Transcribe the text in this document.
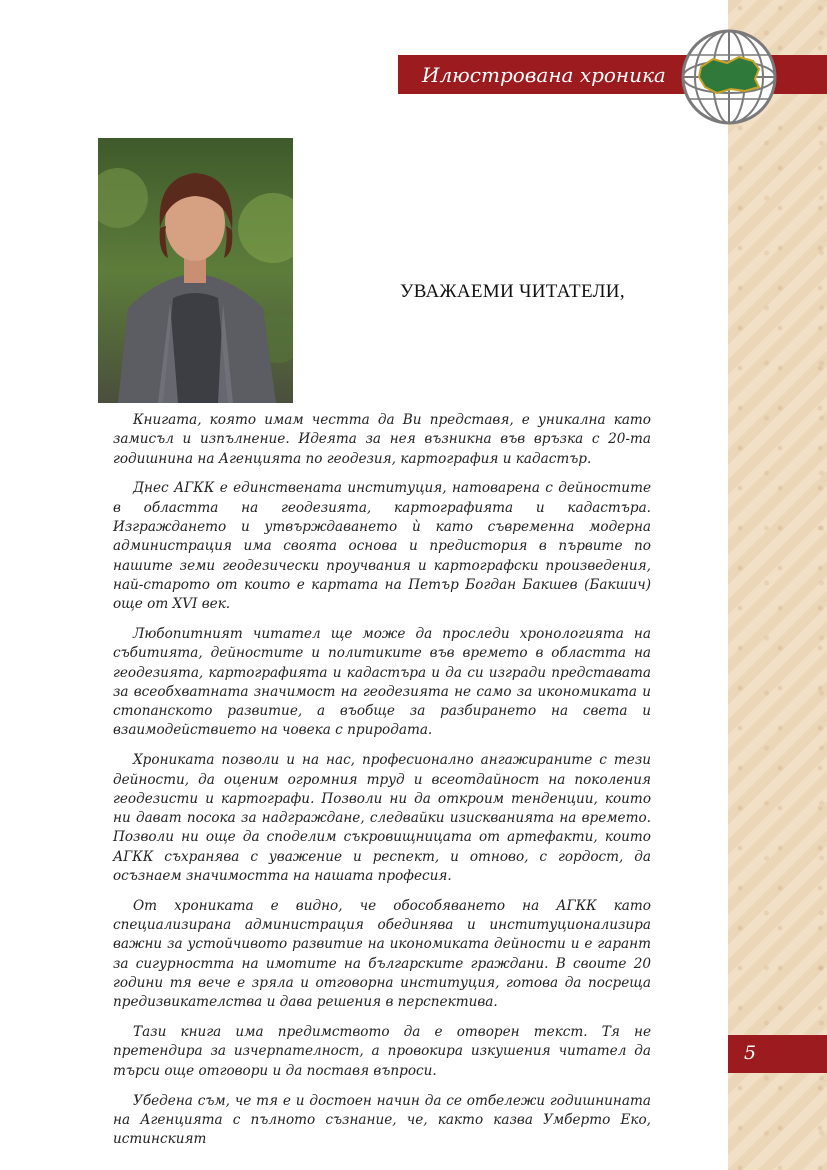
Илюстрована хроника
УВАЖАЕМИ ЧИТАТЕЛИ,

Книгата, която имам честта да Ви представя, е уникална като замисъл и изпълнение. Идеята за нея възникна във връзка с 20-та годишнина на Агенцията по геодезия, картография и кадастър.

Днес АГКК е единствената институция, натоварена с дейностите в областта на геодезията, картографията и кадастъра. Изграждането и утвърждаването ѝ като съвременна модерна администрация има своята основа и предистория в първите по нашите земи геодезически проучвания и картографски произведения, най-старото от които е картата на Петър Богдан Бакшев (Бакшич) още от XVI век.

Любопитният читател ще може да проследи хронологията на събитията, дейностите и политиките във времето в областта на геодезията, картографията и кадастъра и да си изгради представата за всеобхватната значимост на геодезията не само за икономиката и стопанското развитие, а въобще за разбирането на света и взаимодействието на човека с природата.

Хрониката позволи и на нас, професионално ангажираните с тези дейности, да оценим огромния труд и всеотдайност на поколения геодезисти и картографи. Позволи ни да откроим тенденции, които ни дават посока за надграждане, следвайки изискванията на времето. Позволи ни още да споделим съкровищницата от артефакти, които АГКК съхранява с уважение и респект, и отново, с гордост, да осъзнаем значимостта на нашата професия.

От хрониката е видно, че обособяването на АГКК като специализирана администрация обединява и институционализира важни за устойчивото развитие на икономиката дейности и е гарант за сигурността на имотите на българските граждани. В своите 20 години тя вече е зряла и отговорна институция, готова да посреща предизвикателства и дава решения в перспектива.

Тази книга има предимството да е отворен текст. Тя не претендира за изчерпателност, а провокира изкушения читател да търси още отговори и да поставя въпроси.

Убедена съм, че тя е и достоен начин да се отбележи годишнината на Агенцията с пълното съзнание, че, както казва Умберто Еко, истинският

5
